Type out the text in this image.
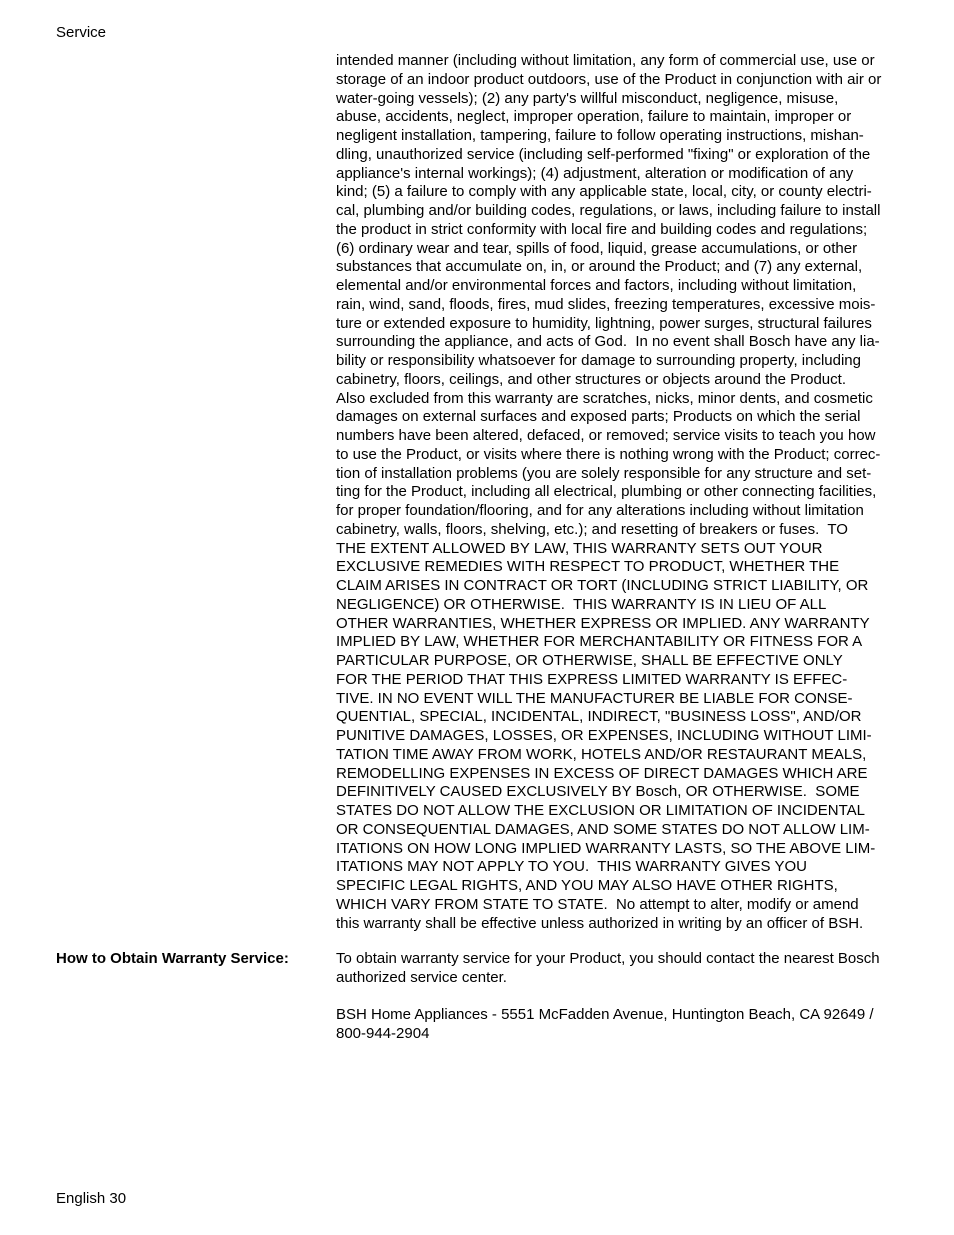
Service
intended manner (including without limitation, any form of commercial use, use or
storage of an indoor product outdoors, use of the Product in conjunction with air or
water-going vessels); (2) any party's willful misconduct, negligence, misuse,
abuse, accidents, neglect, improper operation, failure to maintain, improper or
negligent installation, tampering, failure to follow operating instructions, mishan-
dling, unauthorized service (including self-performed "fixing" or exploration of the
appliance's internal workings); (4) adjustment, alteration or modification of any
kind; (5) a failure to comply with any applicable state, local, city, or county electri-
cal, plumbing and/or building codes, regulations, or laws, including failure to install
the product in strict conformity with local fire and building codes and regulations;
(6) ordinary wear and tear, spills of food, liquid, grease accumulations, or other
substances that accumulate on, in, or around the Product; and (7) any external,
elemental and/or environmental forces and factors, including without limitation,
rain, wind, sand, floods, fires, mud slides, freezing temperatures, excessive mois-
ture or extended exposure to humidity, lightning, power surges, structural failures
surrounding the appliance, and acts of God.  In no event shall Bosch have any lia-
bility or responsibility whatsoever for damage to surrounding property, including
cabinetry, floors, ceilings, and other structures or objects around the Product.
Also excluded from this warranty are scratches, nicks, minor dents, and cosmetic
damages on external surfaces and exposed parts; Products on which the serial
numbers have been altered, defaced, or removed; service visits to teach you how
to use the Product, or visits where there is nothing wrong with the Product; correc-
tion of installation problems (you are solely responsible for any structure and set-
ting for the Product, including all electrical, plumbing or other connecting facilities,
for proper foundation/flooring, and for any alterations including without limitation
cabinetry, walls, floors, shelving, etc.); and resetting of breakers or fuses.  TO
THE EXTENT ALLOWED BY LAW, THIS WARRANTY SETS OUT YOUR
EXCLUSIVE REMEDIES WITH RESPECT TO PRODUCT, WHETHER THE
CLAIM ARISES IN CONTRACT OR TORT (INCLUDING STRICT LIABILITY, OR
NEGLIGENCE) OR OTHERWISE.  THIS WARRANTY IS IN LIEU OF ALL
OTHER WARRANTIES, WHETHER EXPRESS OR IMPLIED. ANY WARRANTY
IMPLIED BY LAW, WHETHER FOR MERCHANTABILITY OR FITNESS FOR A
PARTICULAR PURPOSE, OR OTHERWISE, SHALL BE EFFECTIVE ONLY
FOR THE PERIOD THAT THIS EXPRESS LIMITED WARRANTY IS EFFEC-
TIVE. IN NO EVENT WILL THE MANUFACTURER BE LIABLE FOR CONSE-
QUENTIAL, SPECIAL, INCIDENTAL, INDIRECT, "BUSINESS LOSS", AND/OR
PUNITIVE DAMAGES, LOSSES, OR EXPENSES, INCLUDING WITHOUT LIMI-
TATION TIME AWAY FROM WORK, HOTELS AND/OR RESTAURANT MEALS,
REMODELLING EXPENSES IN EXCESS OF DIRECT DAMAGES WHICH ARE
DEFINITIVELY CAUSED EXCLUSIVELY BY Bosch, OR OTHERWISE.  SOME
STATES DO NOT ALLOW THE EXCLUSION OR LIMITATION OF INCIDENTAL
OR CONSEQUENTIAL DAMAGES, AND SOME STATES DO NOT ALLOW LIM-
ITATIONS ON HOW LONG IMPLIED WARRANTY LASTS, SO THE ABOVE LIM-
ITATIONS MAY NOT APPLY TO YOU.  THIS WARRANTY GIVES YOU
SPECIFIC LEGAL RIGHTS, AND YOU MAY ALSO HAVE OTHER RIGHTS,
WHICH VARY FROM STATE TO STATE.  No attempt to alter, modify or amend
this warranty shall be effective unless authorized in writing by an officer of BSH.
How to Obtain Warranty Service:	To obtain warranty service for your Product, you should contact the nearest Bosch
authorized service center.
BSH Home Appliances - 5551 McFadden Avenue, Huntington Beach, CA 92649 /
800-944-2904
English 30
